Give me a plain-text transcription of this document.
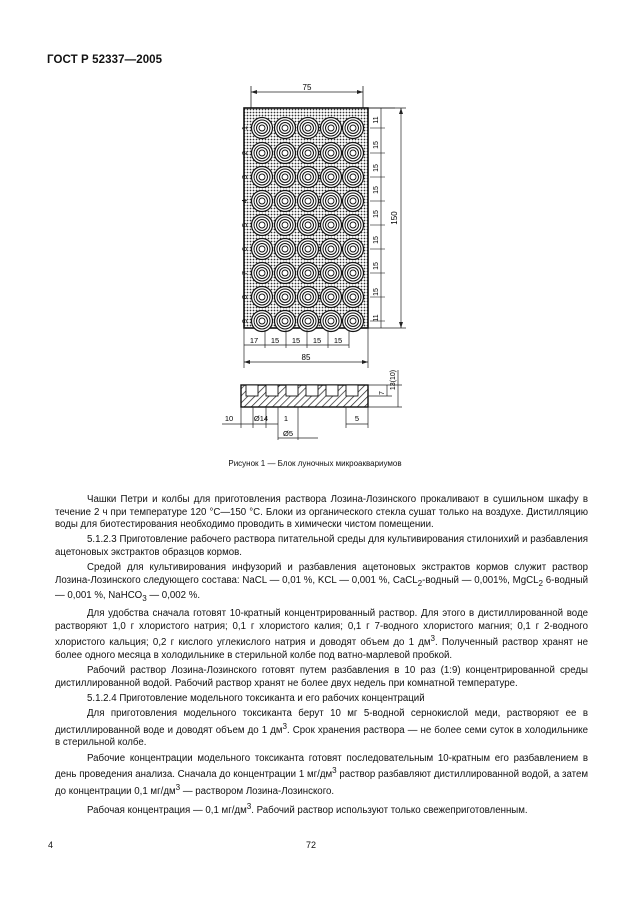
ГОСТ Р 52337—2005
75
1
2
3
4
5
6
7
8
9
150
11
15
15
15
15
15
15
15
11
17 15 15 15 15
85
13(10)
7
10	Ø14 1
Ø5
5
Рисунок 1 — Блок луночных микроаквариумов

Чашки Петри и колбы для приготовления раствора Лозина-Лозинского прокаливают в сушильном шкафу в течение 2 ч при температуре 120 °С—150 °С. Блоки из органического стекла сушат только на воздухе. Дистилляцию воды для биотестирования необходимо проводить в химически чистом помещении.

5.1.2.3 Приготовление рабочего раствора питательной среды для культивирования стилонихий и разбавления ацетоновых экстрактов образцов кормов.

Средой для культивирования инфузорий и разбавления ацетоновых экстрактов кормов служит раствор Лозина-Лозинского следующего состава: NaCL — 0,01 %, KCL — 0,001 %, CaCL$_2$-водный — 0,001%, MgCL$_2$ 6-водный — 0,001 %, NaHCO$_3$ — 0,002 %.

Для удобства сначала готовят 10-кратный концентрированный раствор. Для этого в дистиллированной воде растворяют 1,0 г хлористого натрия; 0,1 г хлористого калия; 0,1 г 7-водного хлористого магния; 0,1 г 2-водного хлористого кальция; 0,2 г кислого углекислого натрия и доводят объем до 1 $дм^3$. Полученный раствор хранят не более одного месяца в холодильнике в стерильной колбе под ватно-марлевой пробкой.

Рабочий раствор Лозина-Лозинского готовят путем разбавления в 10 раз (1:9) концентрированной среды дистиллированной водой. Рабочий раствор хранят не более двух недель при комнатной температуре.

5.1.2.4 Приготовление модельного токсиканта и его рабочих концентраций

Для приготовления модельного токсиканта берут 10 мг 5-водной сернокислой меди, растворяют ее в дистиллированной воде и доводят объем до 1 $дм^3$. Срок хранения раствора — не более семи суток в холодильнике в стерильной колбе.

Рабочие концентрации модельного токсиканта готовят последовательным 10-кратным его разбавлением в день проведения анализа. Сначала до концентрации 1 $мг/дм^3$ раствор разбавляют дистиллированной водой, а затем до концентрации 0,1 $мг/дм^3$ — раствором Лозина-Лозинского.

Рабочая концентрация — 0,1 $мг/дм^3$. Рабочий раствор используют только свежеприготовленным.

4	72
